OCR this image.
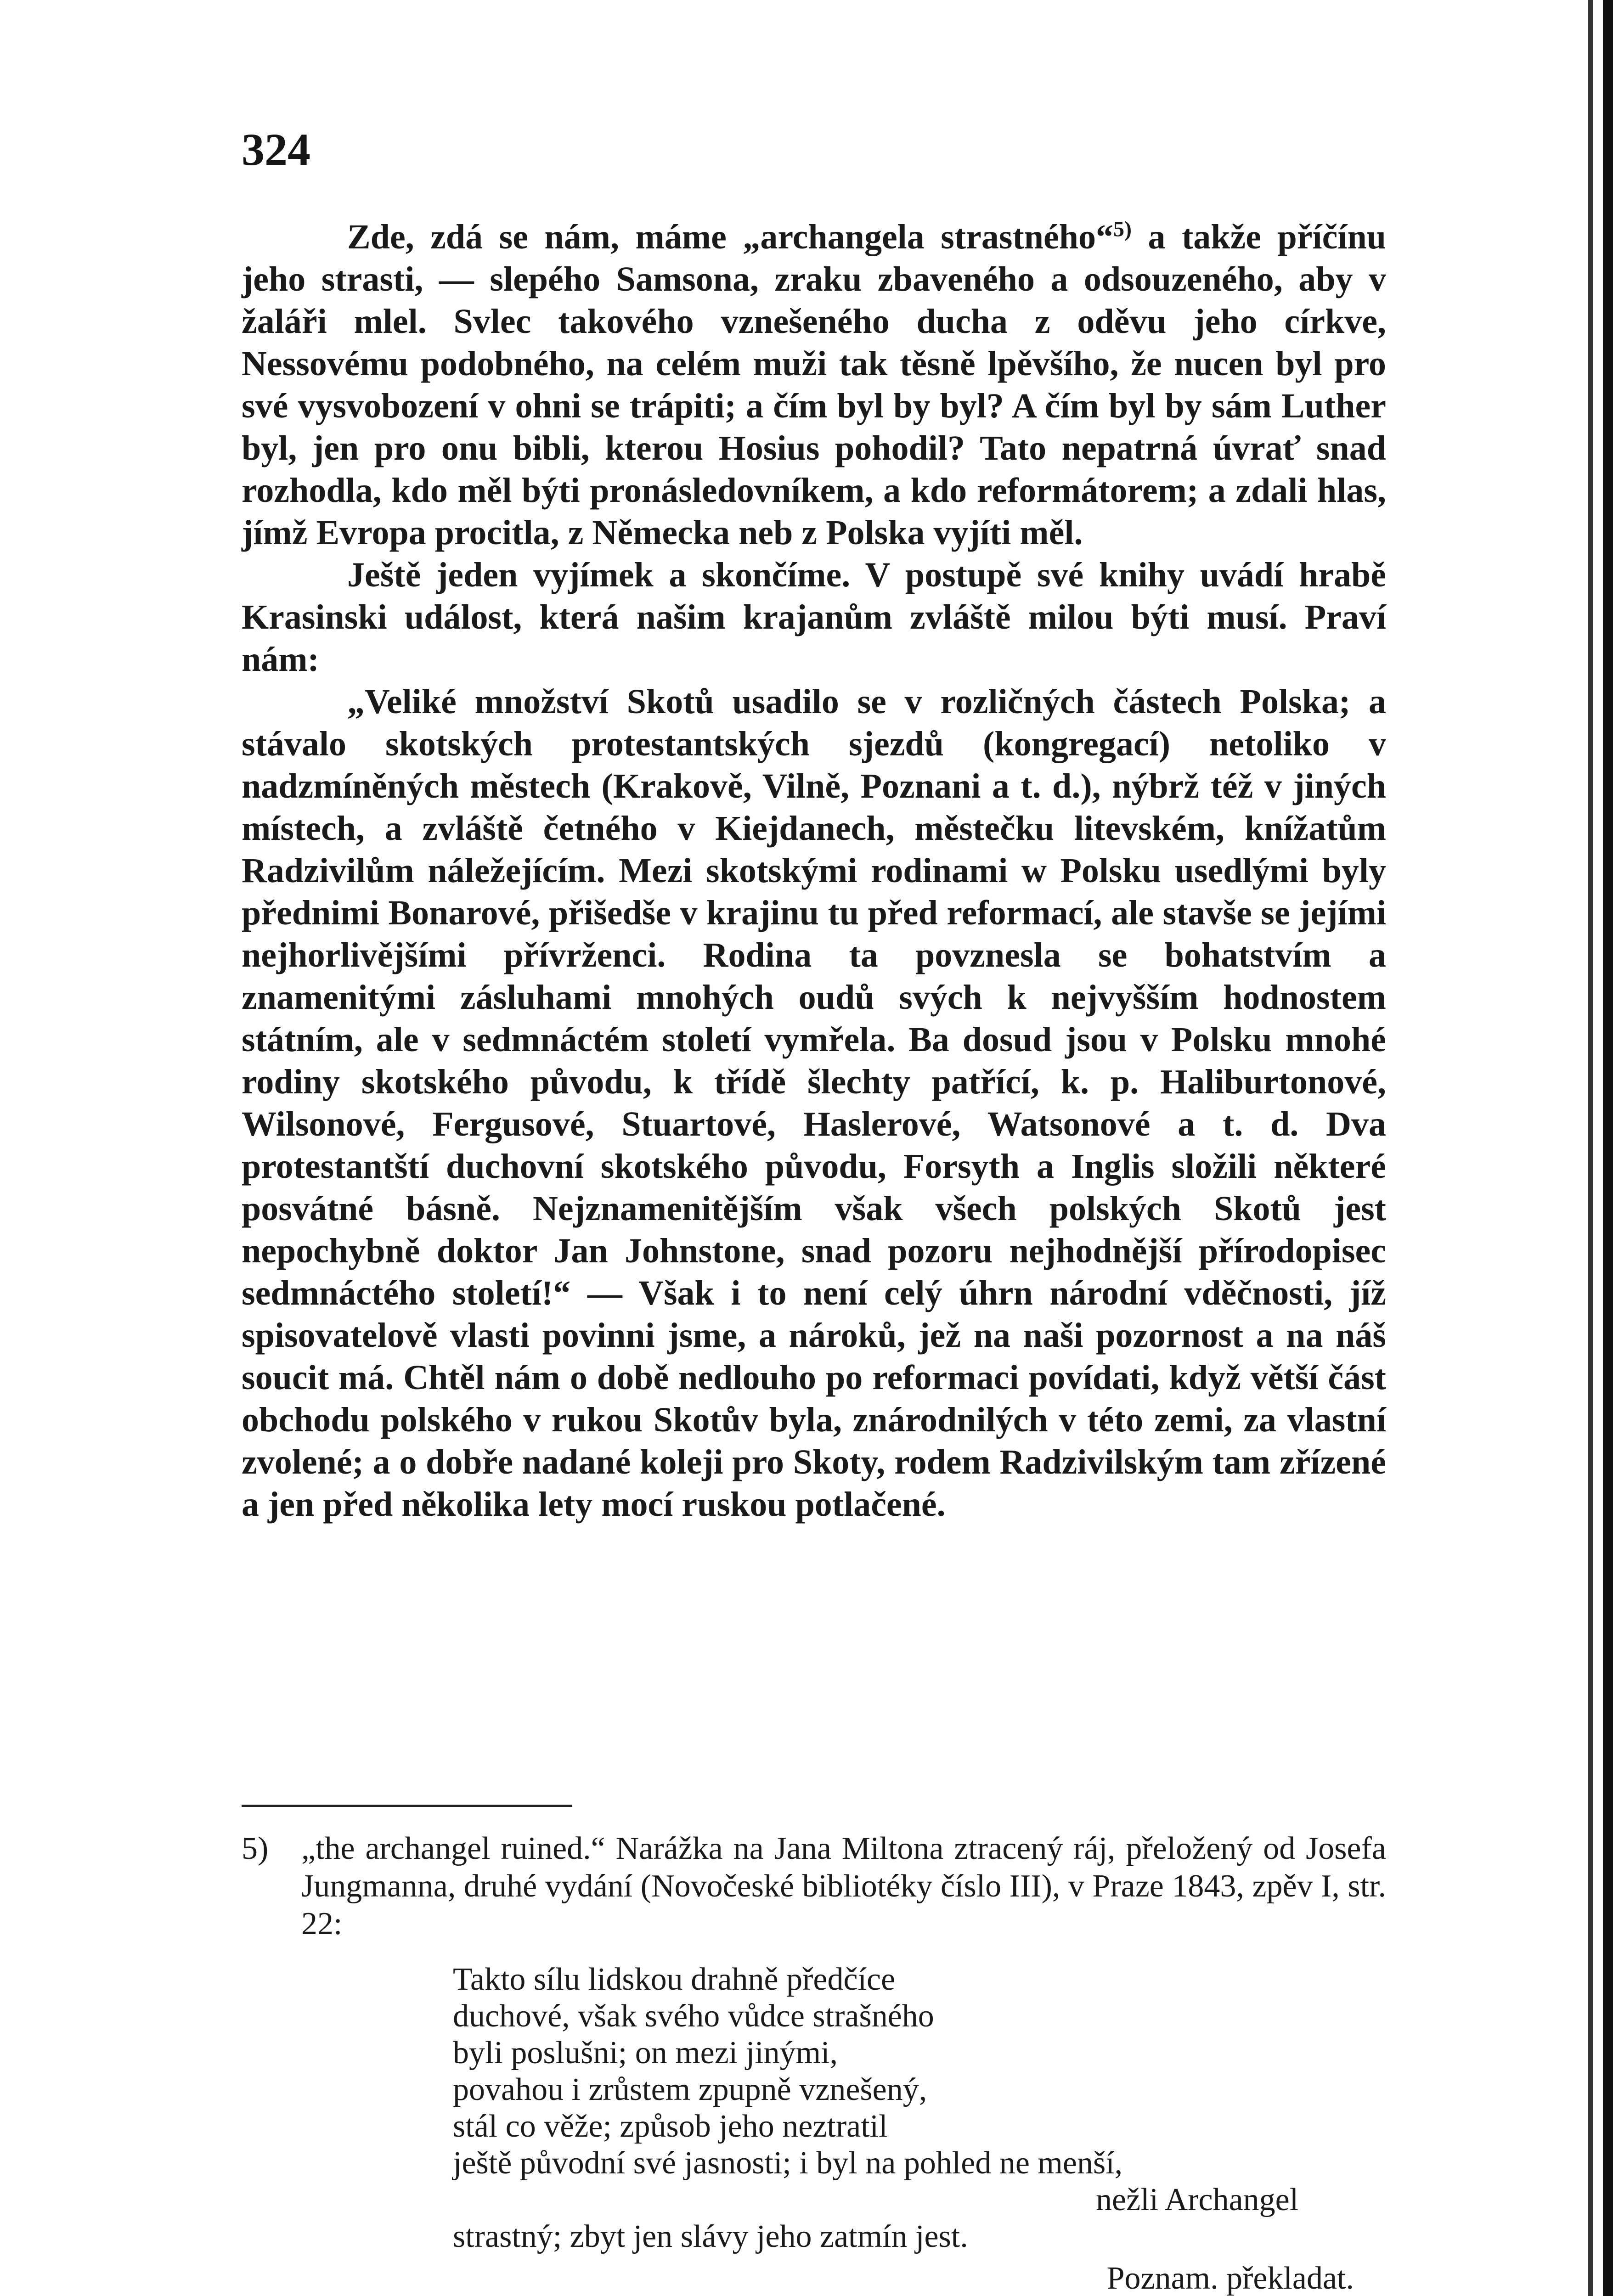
324

Zde, zdá se nám, máme „archangela strastného“$^{5)}$ a takže příčínu jeho strasti, — slepého Samsona, zraku zbaveného a odsouzeného, aby v žaláři mlel. Svlec takového vznešeného ducha z oděvu jeho církve, Nessovému podobného, na celém muži tak těsně lpěvšího, že nucen byl pro své vysvobození v ohni se trápiti; a čím byl by byl? A čím byl by sám Luther byl, jen pro onu bibli, kterou Hosius pohodil? Tato nepatrná úvrať snad rozhodla, kdo měl býti pronásledovníkem, a kdo reformátorem; a zdali hlas, jímž Evropa procitla, z Německa neb z Polska vyjíti měl.

Ještě jeden vyjímek a skončíme. V postupě své knihy uvádí hrabě Krasinski událost, která našim krajanům zvláště milou býti musí. Praví nám:

„Veliké množství Skotů usadilo se v rozličných částech Polska; a stávalo skotských protestantských sjezdů (kongregací) netoliko v nadzmíněných městech (Krakově, Vilně, Poznani a t. d.), nýbrž též v jiných místech, a zvláště četného v Kiejdanech, městečku litevském, knížatům Radzivilům náležejícím. Mezi skotskými rodinami w Polsku usedlými byly přednimi Bonarové, přišedše v krajinu tu před reformací, ale stavše se jejími nejhorlivějšími přívrženci. Rodina ta povznesla se bohatstvím a znamenitými zásluhami mnohých oudů svých k nejvyšším hodnostem státním, ale v sedmnáctém století vymřela. Ba dosud jsou v Polsku mnohé rodiny skotského původu, k třídě šlechty patřící, k. p. Haliburtonové, Wilsonové, Fergusové, Stuartové, Haslerové, Watsonové a t. d. Dva protestantští duchovní skotského původu, Forsyth a Inglis složili některé posvátné básně. Nejznamenitějším však všech polských Skotů jest nepochybně doktor Jan Johnstone, snad pozoru nejhodnější přírodopisec sedmnáctého století!“ — Však i to není celý úhrn národní vděčnosti, jíž spisovatelově vlasti povinni jsme, a nároků, jež na naši pozornost a na náš soucit má. Chtěl nám o době nedlouho po reformaci povídati, když větší část obchodu polského v rukou Skotův byla, znárodnilých v této zemi, za vlastní zvolené; a o dobře nadané koleji pro Skoty, rodem Radzivilským tam zřízené a jen před několika lety mocí ruskou potlačené.

5)	„the archangel ruined.“ Narážka na Jana Miltona ztracený ráj, přeložený od Josefa Jungmanna, druhé vydání (Novočeské bibliotéky číslo III), v Praze 1843, zpěv I, str. 22:
Takto sílu lidskou drahně předčíce
duchové, však svého vůdce strašného
byli poslušni; on mezi jinými,
povahou i zrůstem zpupně vznešený,
stál co věže; způsob jeho neztratil
ještě původní své jasnosti; i byl na pohled ne menší,
nežli Archangel
strastný; zbyt jen slávy jeho zatmín jest.
Poznam. překladat.
